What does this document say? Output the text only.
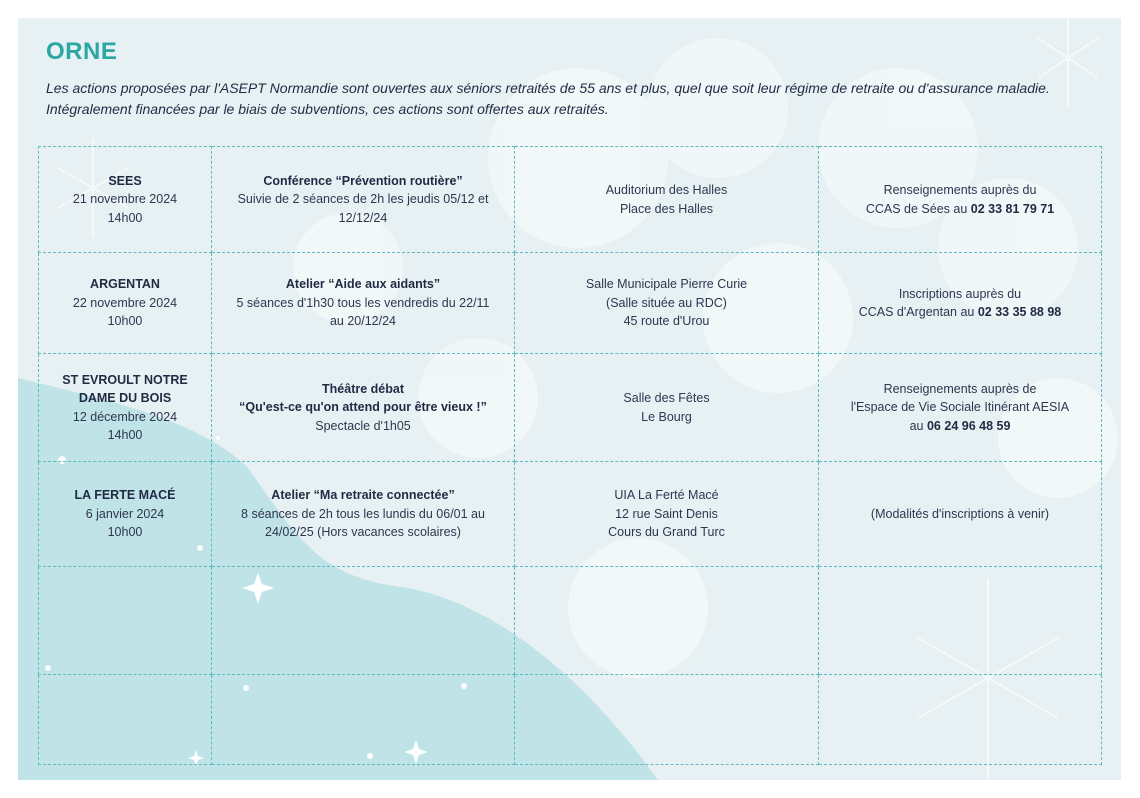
ORNE

Les actions proposées par l'ASEPT Normandie sont ouvertes aux séniors retraités de 55 ans et plus, quel que soit leur régime de retraite ou d'assurance maladie. Intégralement financées par le biais de subventions, ces actions sont offertes aux retraités.

SEES
21 novembre 2024
14h00	Conférence “Prévention routière”
Suivie de 2 séances de 2h les jeudis 05/12 et
12/12/24	Auditorium des Halles
Place des Halles	Renseignements auprès du
CCAS de Sées au 02 33 81 79 71

ARGENTAN
22 novembre 2024
10h00	Atelier “Aide aux aidants”
5 séances d'1h30 tous les vendredis du 22/11
au 20/12/24	Salle Municipale Pierre Curie
(Salle située au RDC)
45 route d'Urou	Inscriptions auprès du
CCAS d'Argentan au 02 33 35 88 98

ST EVROULT NOTRE
DAME DU BOIS
12 décembre 2024
14h00	Théâtre débat
“Qu'est-ce qu'on attend pour être vieux !”
Spectacle d'1h05	Salle des Fêtes
Le Bourg	Renseignements auprès de
l'Espace de Vie Sociale Itinérant AESIA
au 06 24 96 48 59

LA FERTE MACÉ
6 janvier 2024
10h00	Atelier “Ma retraite connectée”
8 séances de 2h tous les lundis du 06/01 au
24/02/25 (Hors vacances scolaires)	UIA La Ferté Macé
12 rue Saint Denis
Cours du Grand Turc	(Modalités d'inscriptions à venir)
